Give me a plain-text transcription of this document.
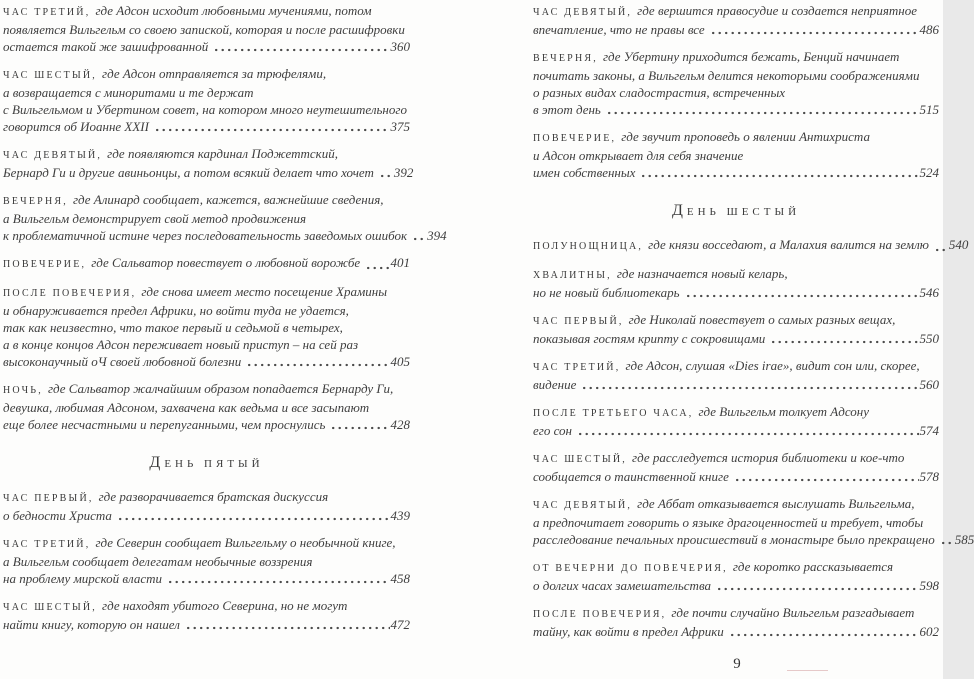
ЧАС ТРЕТИЙ, где Адсон исходит любовными мучениями, потом
появляется Вильгельм со своею запиской, которая и после расшифровки
остается такой же зашифрованной	360
ЧАС ШЕСТЫЙ, где Адсон отправляется за трюфелями,
а возвращается с миноритами и те держат
с Вильгельмом и Убертином совет, на котором много неутешительного
говорится об Иоанне XXII	375
ЧАС ДЕВЯТЫЙ, где появляются кардинал Поджеттский,
Бернард Ги и другие авиньонцы, а потом всякий делает что хочет 392
ВЕЧЕРНЯ, где Алинард сообщает, кажется, важнейшие сведения,
а Вильгельм демонстрирует свой метод продвижения
к проблематичной истине через последовательность заведомых ошибок 394
ПОВЕЧЕРИЕ, где Сальватор повествует о любовной ворожбе 401
ПОСЛЕ ПОВЕЧЕРИЯ, где снова имеет место посещение Храмины
и обнаруживается предел Африки, но войти туда не удается,
так как неизвестно, что такое первый и седьмой в четырех,
а в конце концов Адсон переживает новый приступ – на сей раз
высоконаучный оЧ своей любовной болезни	405
НОЧЬ, где Сальватор жалчайшим образом попадается Бернарду Ги,
девушка, любимая Адсоном, захвачена как ведьма и все засыпают
еще более несчастными и перепуганными, чем проснулись	428
ДЕНЬ ПЯТЫЙ
ЧАС ПЕРВЫЙ, где разворачивается братская дискуссия
о бедности Христа	439
ЧАС ТРЕТИЙ, где Северин сообщает Вильгельму о необычной книге,
а Вильгельм сообщает делегатам необычные воззрения
на проблему мирской власти	458
ЧАС ШЕСТЫЙ, где находят убитого Северина, но не могут
найти книгу, которую он нашел	472
ЧАС ДЕВЯТЫЙ, где вершится правосудие и создается неприятное
впечатление, что не правы все	486
ВЕЧЕРНЯ, где Убертину приходится бежать, Бенций начинает
почитать законы, а Вильгельм делится некоторыми соображениями
о разных видах сладострастия, встреченных
в этот день	515
ПОВЕЧЕРИЕ, где звучит проповедь о явлении Антихриста
и Адсон открывает для себя значение
имен собственных	524
ДЕНЬ ШЕСТЫЙ
ПОЛУНОЩНИЦА, где князи восседают, а Малахия валится на землю 540
ХВАЛИТНЫ, где назначается новый келарь,
но не новый библиотекарь	546
ЧАС ПЕРВЫЙ, где Николай повествует о самых разных вещах,
показывая гостям крипту с сокровищами	550
ЧАС ТРЕТИЙ, где Адсон, слушая «Dies irae», видит сон или, скорее,
видение	560
ПОСЛЕ ТРЕТЬЕГО ЧАСА, где Вильгельм толкует Адсону
его сон	574
ЧАС ШЕСТЫЙ, где расследуется история библиотеки и кое-что
сообщается о таинственной книге	578
ЧАС ДЕВЯТЫЙ, где Аббат отказывается выслушать Вильгельма,
а предпочитает говорить о языке драгоценностей и требует, чтобы
расследование печальных происшествий в монастыре было прекращено 585
ОТ ВЕЧЕРНИ ДО ПОВЕЧЕРИЯ, где коротко рассказывается
о долгих часах замешательства	598
ПОСЛЕ ПОВЕЧЕРИЯ, где почти случайно Вильгельм разгадывает
тайну, как войти в предел Африки	602
9
